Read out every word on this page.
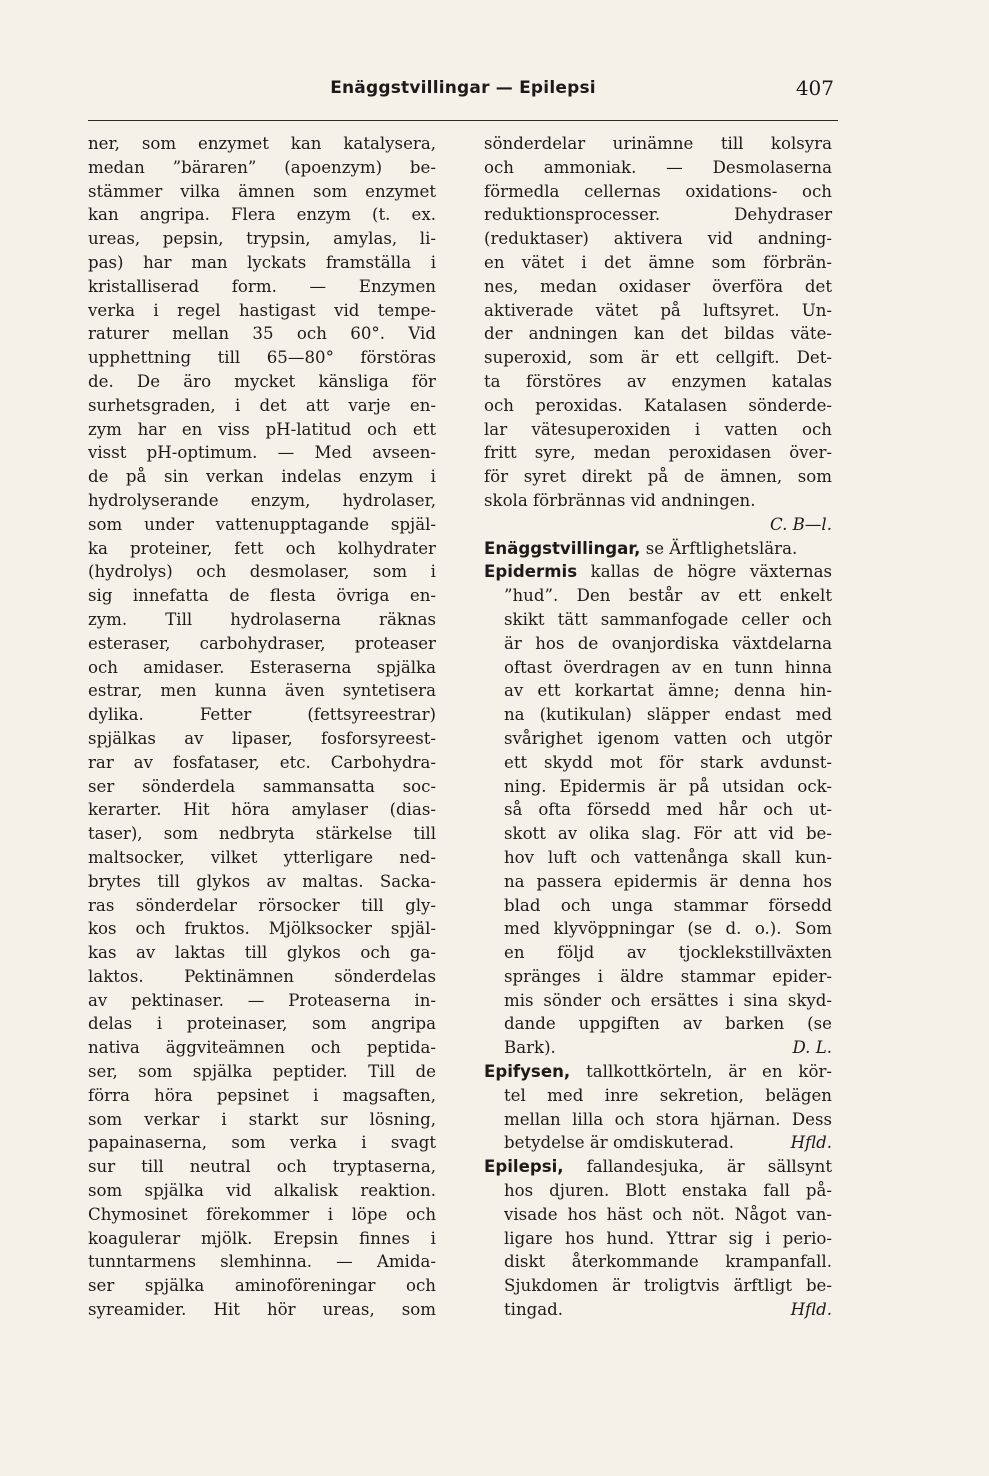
Enäggstvillingar — Epilepsi	407
ner, som enzymet kan katalysera,
medan ”bäraren” (apoenzym) be-
stämmer vilka ämnen som enzymet
kan angripa. Flera enzym (t. ex.
ureas, pepsin, trypsin, amylas, li-
pas) har man lyckats framställa i
kristalliserad form. — Enzymen
verka i regel hastigast vid tempe-
raturer mellan 35 och 60°. Vid
upphettning till 65—80° förstöras
de. De äro mycket känsliga för
surhetsgraden, i det att varje en-
zym har en viss pH-latitud och ett
visst pH-optimum. — Med avseen-
de på sin verkan indelas enzym i
hydrolyserande enzym, hydrolaser,
som under vattenupptagande spjäl-
ka proteiner, fett och kolhydrater
(hydrolys) och desmolaser, som i
sig innefatta de flesta övriga en-
zym. Till hydrolaserna räknas
esteraser, carbohydraser, proteaser
och amidaser. Esteraserna spjälka
estrar, men kunna även syntetisera
dylika. Fetter (fettsyreestrar)
spjälkas av lipaser, fosforsyreest-
rar av fosfataser, etc. Carbohydra-
ser sönderdela sammansatta soc-
kerarter. Hit höra amylaser (dias-
taser), som nedbryta stärkelse till
maltsocker, vilket ytterligare ned-
brytes till glykos av maltas. Sacka-
ras sönderdelar rörsocker till gly-
kos och fruktos. Mjölksocker spjäl-
kas av laktas till glykos och ga-
laktos. Pektinämnen sönderdelas
av pektinaser. — Proteaserna in-
delas i proteinaser, som angripa
nativa äggviteämnen och peptida-
ser, som spjälka peptider. Till de
förra höra pepsinet i magsaften,
som verkar i starkt sur lösning,
papainaserna, som verka i svagt
sur till neutral och tryptaserna,
som spjälka vid alkalisk reaktion.
Chymosinet förekommer i löpe och
koagulerar mjölk. Erepsin finnes i
tunntarmens slemhinna. — Amida-
ser spjälka aminoföreningar och
syreamider. Hit hör ureas, som
sönderdelar urinämne till kolsyra
och ammoniak. — Desmolaserna
förmedla cellernas oxidations- och
reduktionsprocesser. Dehydraser
(reduktaser) aktivera vid andning-
en vätet i det ämne som förbrän-
nes, medan oxidaser överföra det
aktiverade vätet på luftsyret. Un-
der andningen kan det bildas väte-
superoxid, som är ett cellgift. Det-
ta förstöres av enzymen katalas
och peroxidas. Katalasen sönderde-
lar vätesuperoxiden i vatten och
fritt syre, medan peroxidasen över-
för syret direkt på de ämnen, som
skola förbrännas vid andningen.
C. B—l.
Enäggstvillingar, se Ärftlighetslära.
Epidermis kallas de högre växternas
”hud”. Den består av ett enkelt
skikt tätt sammanfogade celler och
är hos de ovanjordiska växtdelarna
oftast överdragen av en tunn hinna
av ett korkartat ämne; denna hin-
na (kutikulan) släpper endast med
svårighet igenom vatten och utgör
ett skydd mot för stark avdunst-
ning. Epidermis är på utsidan ock-
så ofta försedd med hår och ut-
skott av olika slag. För att vid be-
hov luft och vattenånga skall kun-
na passera epidermis är denna hos
blad och unga stammar försedd
med klyvöppningar (se d. o.). Som
en följd av tjocklekstillväxten
spränges i äldre stammar epider-
mis sönder och ersättes i sina skyd-
dande uppgiften av barken (se
Bark).	D. L.
Epifysen, tallkottkörteln, är en kör-
tel med inre sekretion, belägen
mellan lilla och stora hjärnan. Dess
betydelse är omdiskuterad.	Hfld.
Epilepsi, fallandesjuka, är sällsynt
hos djuren. Blott enstaka fall på-
visade hos häst och nöt. Något van-
ligare hos hund. Yttrar sig i perio-
diskt återkommande krampanfall.
Sjukdomen är troligtvis ärftligt be-
tingad.	Hfld.
